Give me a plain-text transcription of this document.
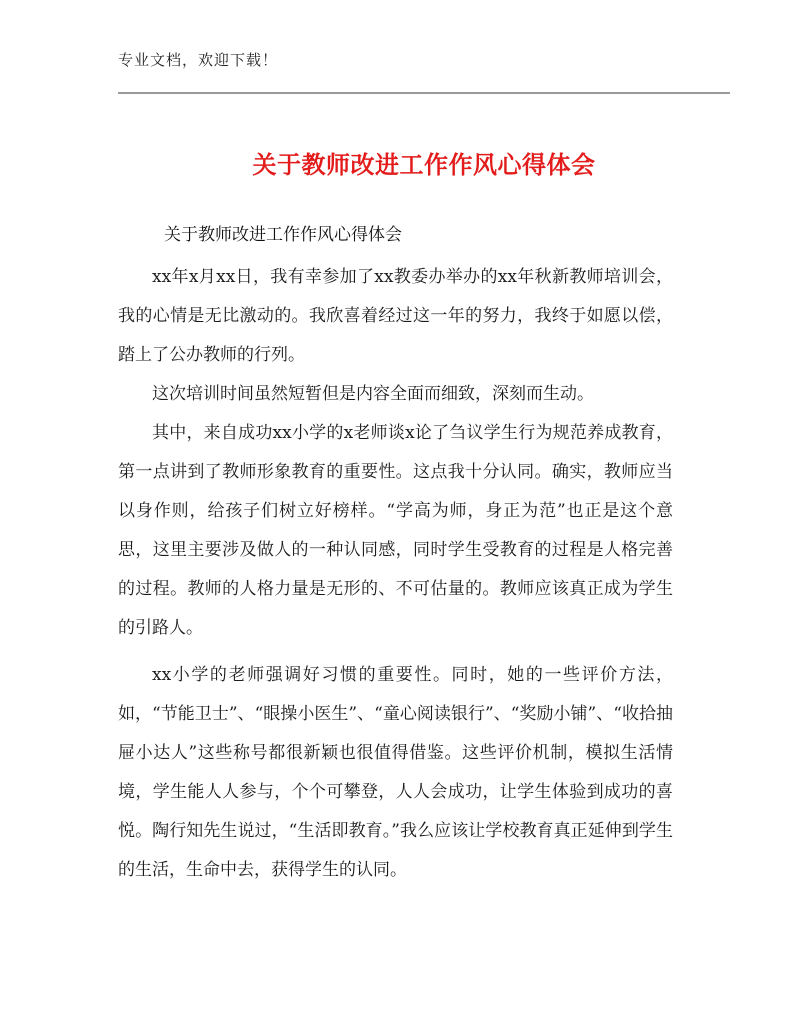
专业文档，欢迎下载！
关于教师改进工作作风心得体会
关于教师改进工作作风心得体会

xx年x月xx日，我有幸参加了xx教委办举办的xx年秋新教师培训会，我的心情是无比激动的。我欣喜着经过这一年的努力，我终于如愿以偿，踏上了公办教师的行列。

这次培训时间虽然短暂但是内容全面而细致，深刻而生动。

其中，来自成功xx小学的x老师谈x论了刍议学生行为规范养成教育，第一点讲到了教师形象教育的重要性。这点我十分认同。确实，教师应当以身作则，给孩子们树立好榜样。“学高为师，身正为范”也正是这个意思，这里主要涉及做人的一种认同感，同时学生受教育的过程是人格完善的过程。教师的人格力量是无形的、不可估量的。教师应该真正成为学生的引路人。

xx小学的老师强调好习惯的重要性。同时，她的一些评价方法，如，“节能卫士”、“眼操小医生”、“童心阅读银行”、“奖励小铺”、“收拾抽屉小达人”这些称号都很新颖也很值得借鉴。这些评价机制，模拟生活情境，学生能人人参与，个个可攀登，人人会成功，让学生体验到成功的喜悦。陶行知先生说过，“生活即教育。”我么应该让学校教育真正延伸到学生的生活，生命中去，获得学生的认同。
